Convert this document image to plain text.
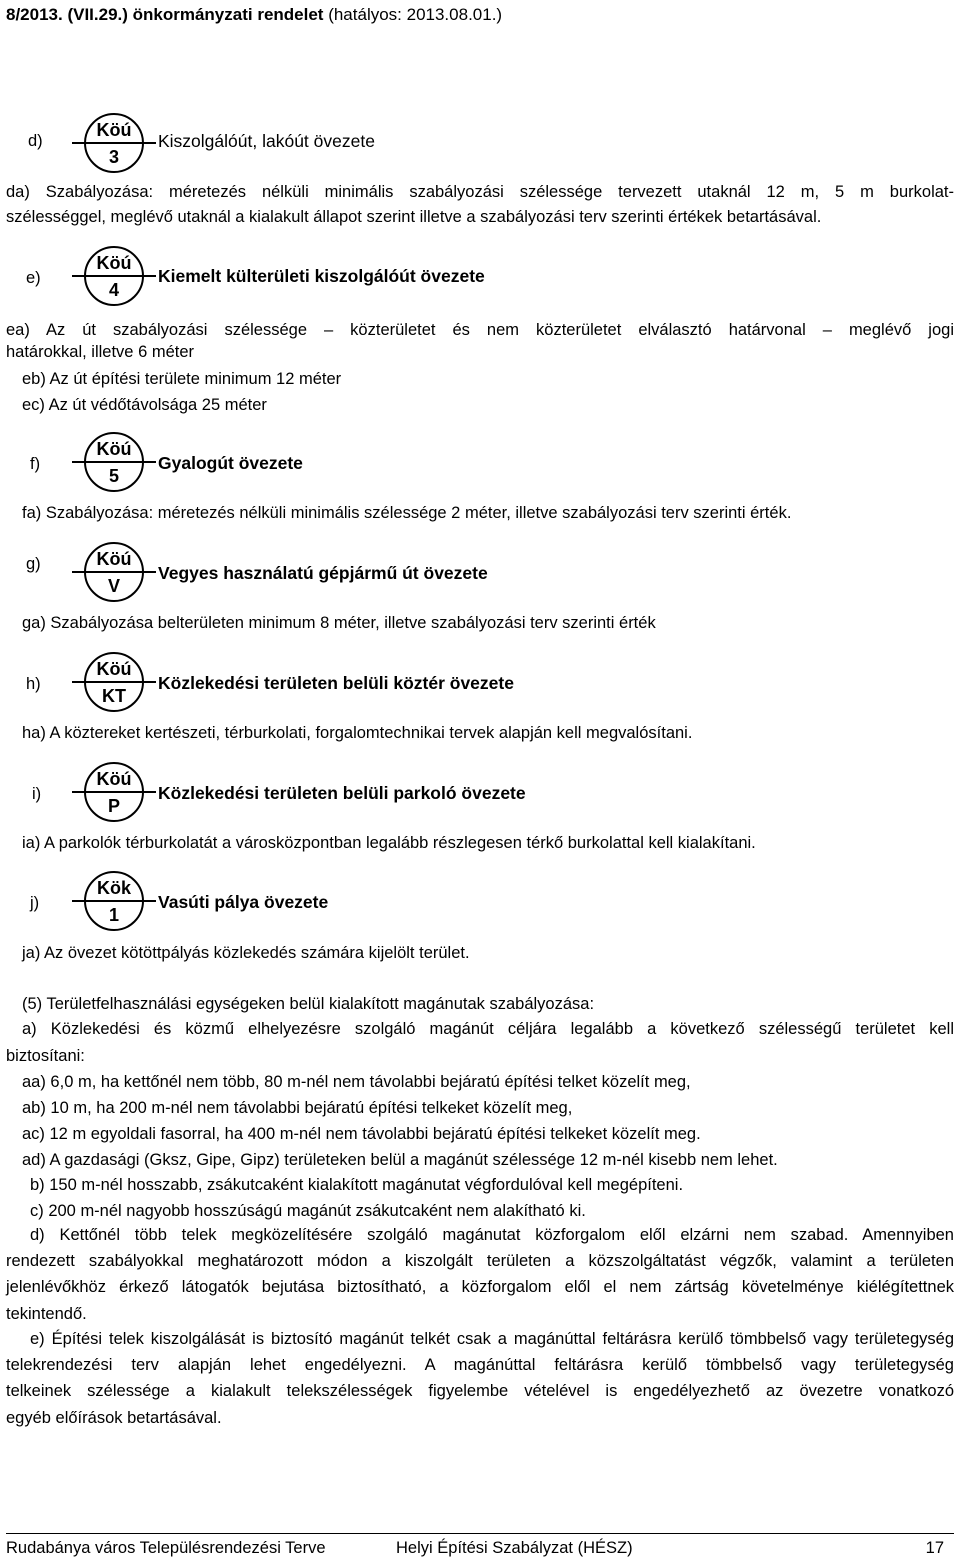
8/2013. (VII.29.) önkormányzati rendelet (hatályos: 2013.08.01.)
d)
Köú
3
Kiszolgálóút, lakóút övezete
da) Szabályozása: méretezés nélküli minimális szabályozási szélessége tervezett utaknál 12 m, 5 m burkolat-
szélességgel, meglévő utaknál a kialakult állapot szerint illetve a szabályozási terv szerinti értékek betartásával.
e)
Köú
4
Kiemelt külterületi kiszolgálóút övezete
ea) Az út szabályozási szélessége – közterületet és nem közterületet elválasztó határvonal – meglévő jogi
határokkal, illetve 6 méter
eb) Az út építési területe minimum 12 méter
ec) Az út védőtávolsága 25 méter
f)
Köú
5
Gyalogút övezete
fa) Szabályozása: méretezés nélküli minimális szélessége 2 méter, illetve szabályozási terv szerinti érték.
g)	Köú
V
Vegyes használatú gépjármű út övezete
ga) Szabályozása belterületen minimum 8 méter, illetve szabályozási terv szerinti érték
h)
Köú
KT
Közlekedési területen belüli köztér övezete
ha) A köztereket kertészeti, térburkolati, forgalomtechnikai tervek alapján kell megvalósítani.
i)
Köú
P
Közlekedési területen belüli parkoló övezete
ia) A parkolók térburkolatát a városközpontban legalább részlegesen térkő burkolattal kell kialakítani.
j)
Kök
1
Vasúti pálya övezete
ja) Az övezet kötöttpályás közlekedés számára kijelölt terület.
(5) Területfelhasználási egységeken belül kialakított magánutak szabályozása:
a) Közlekedési és közmű elhelyezésre szolgáló magánút céljára legalább a következő szélességű területet kell
biztosítani:
aa) 6,0 m, ha kettőnél nem több, 80 m-nél nem távolabbi bejáratú építési telket közelít meg,
ab) 10 m, ha 200 m-nél nem távolabbi bejáratú építési telkeket közelít meg,
ac) 12 m egyoldali fasorral, ha 400 m-nél nem távolabbi bejáratú építési telkeket közelít meg.
ad) A gazdasági (Gksz, Gipe, Gipz) területeken belül a magánút szélessége 12 m-nél kisebb nem lehet.
b) 150 m-nél hosszabb, zsákutcaként kialakított magánutat végfordulóval kell megépíteni.
c) 200 m-nél nagyobb hosszúságú magánút zsákutcaként nem alakítható ki.
d) Kettőnél több telek megközelítésére szolgáló magánutat közforgalom elől elzárni nem szabad. Amennyiben
rendezett szabályokkal meghatározott módon a kiszolgált területen a közszolgáltatást végzők, valamint a területen
jelenlévőkhöz érkező látogatók bejutása biztosítható, a közforgalom elől el nem zártság követelménye kiélégítettnek
tekintendő.
e) Építési telek kiszolgálását is biztosító magánút telkét csak a magánúttal feltárásra kerülő tömbbelső vagy területegység
telekrendezési terv alapján lehet engedélyezni. A magánúttal feltárásra kerülő tömbbelső vagy területegység
telkeinek szélessége a kialakult telekszélességek figyelembe vételével is engedélyezhető az övezetre vonatkozó
egyéb előírások betartásával.
Rudabánya város Településrendezési Terve	Helyi Építési Szabályzat (HÉSZ)	17
